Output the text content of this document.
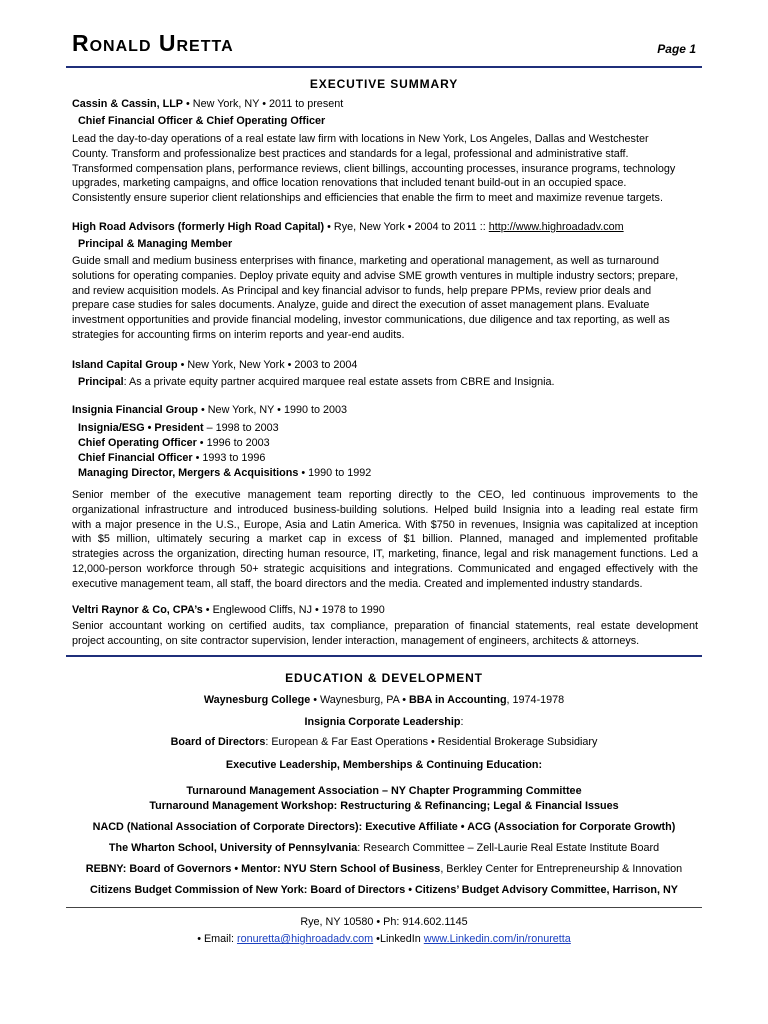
Ronald Uretta	Page 1
EXECUTIVE SUMMARY
Cassin & Cassin, LLP • New York, NY • 2011 to present
Chief Financial Officer & Chief Operating Officer
Lead the day-to-day operations of a real estate law firm with locations in New York, Los Angeles, Dallas and Westchester
County. Transform and professionalize best practices and standards for a legal, professional and administrative staff.
Transformed compensation plans, performance reviews, client billings, accounting processes, insurance programs, technology
upgrades, marketing campaigns, and office location renovations that included tenant build-out in an occupied space.
Consistently ensure superior client relationships and efficiencies that enable the firm to meet and maximize revenue targets.
High Road Advisors (formerly High Road Capital) • Rye, New York • 2004 to 2011 :: http://www.highroadadv.com
Principal & Managing Member
Guide small and medium business enterprises with finance, marketing and operational management, as well as turnaround
solutions for operating companies. Deploy private equity and advise SME growth ventures in multiple industry sectors; prepare,
and review acquisition models. As Principal and key financial advisor to funds, help prepare PPMs, review prior deals and
prepare case studies for sales documents. Analyze, guide and direct the execution of asset management plans. Evaluate
investment opportunities and provide financial modeling, investor communications, due diligence and tax reporting, as well as
strategies for accounting firms on interim reports and year-end audits.
Island Capital Group • New York, New York • 2003 to 2004
Principal: As a private equity partner acquired marquee real estate assets from CBRE and Insignia.
Insignia Financial Group • New York, NY • 1990 to 2003
Insignia/ESG • President – 1998 to 2003
Chief Operating Officer • 1996 to 2003
Chief Financial Officer • 1993 to 1996
Managing Director, Mergers & Acquisitions • 1990 to 1992
Senior member of the executive management team reporting directly to the CEO, led continuous improvements to the
organizational infrastructure and introduced business-building solutions. Helped build Insignia into a leading real estate firm
with a major presence in the U.S., Europe, Asia and Latin America. With $750 in revenues, Insignia was capitalized at inception
with $5 million, ultimately securing a market cap in excess of $1 billion. Planned, managed and implemented profitable
strategies across the organization, directing human resource, IT, marketing, finance, legal and risk management functions. Led a
12,000-person workforce through 50+ strategic acquisitions and integrations. Communicated and engaged effectively with the
executive management team, all staff, the board directors and the media. Created and implemented industry standards.
Veltri Raynor & Co, CPA’s • Englewood Cliffs, NJ • 1978 to 1990
Senior accountant working on certified audits, tax compliance, preparation of financial statements, real estate development
project accounting, on site contractor supervision, lender interaction, management of engineers, architects & attorneys.
EDUCATION & DEVELOPMENT
Waynesburg College • Waynesburg, PA • BBA in Accounting, 1974-1978
Insignia Corporate Leadership:
Board of Directors: European & Far East Operations • Residential Brokerage Subsidiary
Executive Leadership, Memberships & Continuing Education:
Turnaround Management Association – NY Chapter Programming Committee
Turnaround Management Workshop: Restructuring & Refinancing; Legal & Financial Issues
NACD (National Association of Corporate Directors): Executive Affiliate • ACG (Association for Corporate Growth)
The Wharton School, University of Pennsylvania: Research Committee – Zell-Laurie Real Estate Institute Board
REBNY: Board of Governors • Mentor: NYU Stern School of Business, Berkley Center for Entrepreneurship & Innovation
Citizens Budget Commission of New York: Board of Directors • Citizens’ Budget Advisory Committee, Harrison, NY
Rye, NY 10580 • Ph: 914.602.1145
• Email: ronuretta@highroadadv.com •LinkedIn www.Linkedin.com/in/ronuretta
